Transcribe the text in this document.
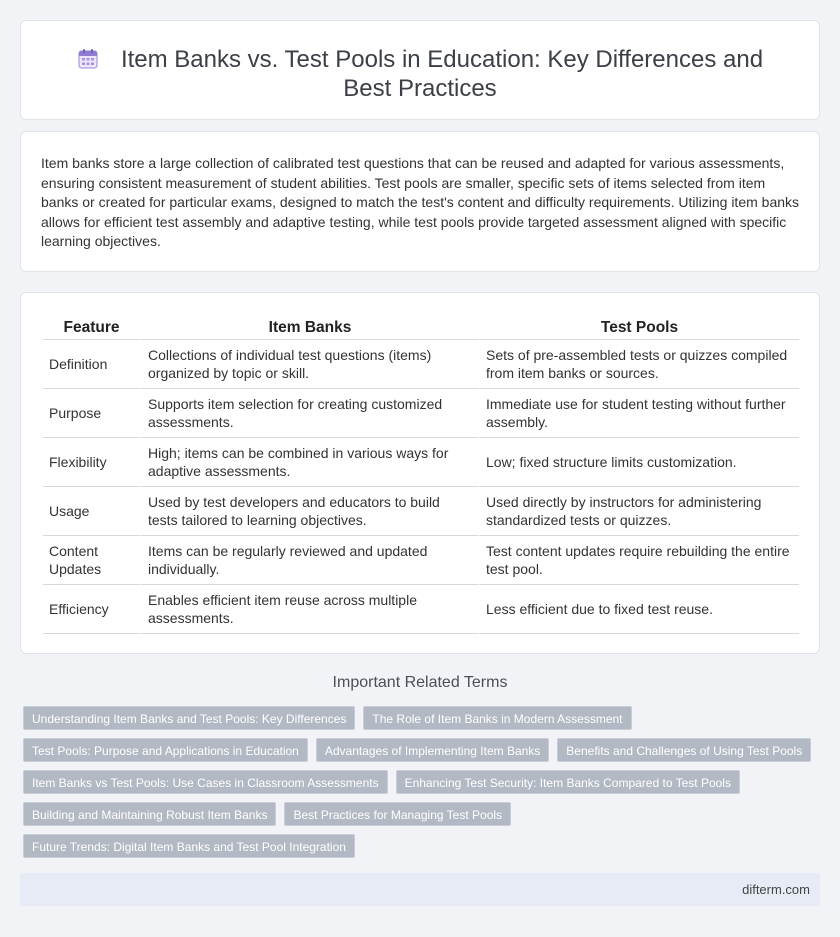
Item Banks vs. Test Pools in Education: Key Differences and Best Practices

Item banks store a large collection of calibrated test questions that can be reused and adapted for various assessments, ensuring consistent measurement of student abilities. Test pools are smaller, specific sets of items selected from item banks or created for particular exams, designed to match the test's content and difficulty requirements. Utilizing item banks allows for efficient test assembly and adaptive testing, while test pools provide targeted assessment aligned with specific learning objectives.

Feature	Item Banks	Test Pools
Definition	Collections of individual test questions (items) organized by topic or skill.	Sets of pre-assembled tests or quizzes compiled from item banks or sources.
Purpose	Supports item selection for creating customized assessments.	Immediate use for student testing without further assembly.
Flexibility	High; items can be combined in various ways for adaptive assessments.	Low; fixed structure limits customization.
Usage	Used by test developers and educators to build tests tailored to learning objectives.	Used directly by instructors for administering standardized tests or quizzes.
Content Updates	Items can be regularly reviewed and updated individually.	Test content updates require rebuilding the entire test pool.
Efficiency	Enables efficient item reuse across multiple assessments.	Less efficient due to fixed test reuse.
Important Related Terms
Understanding Item Banks and Test Pools: Key Differences	The Role of Item Banks in Modern Assessment
Test Pools: Purpose and Applications in Education	Advantages of Implementing Item Banks	Benefits and Challenges of Using Test Pools
Item Banks vs Test Pools: Use Cases in Classroom Assessments	Enhancing Test Security: Item Banks Compared to Test Pools
Building and Maintaining Robust Item Banks	Best Practices for Managing Test Pools
Future Trends: Digital Item Banks and Test Pool Integration
difterm.com
